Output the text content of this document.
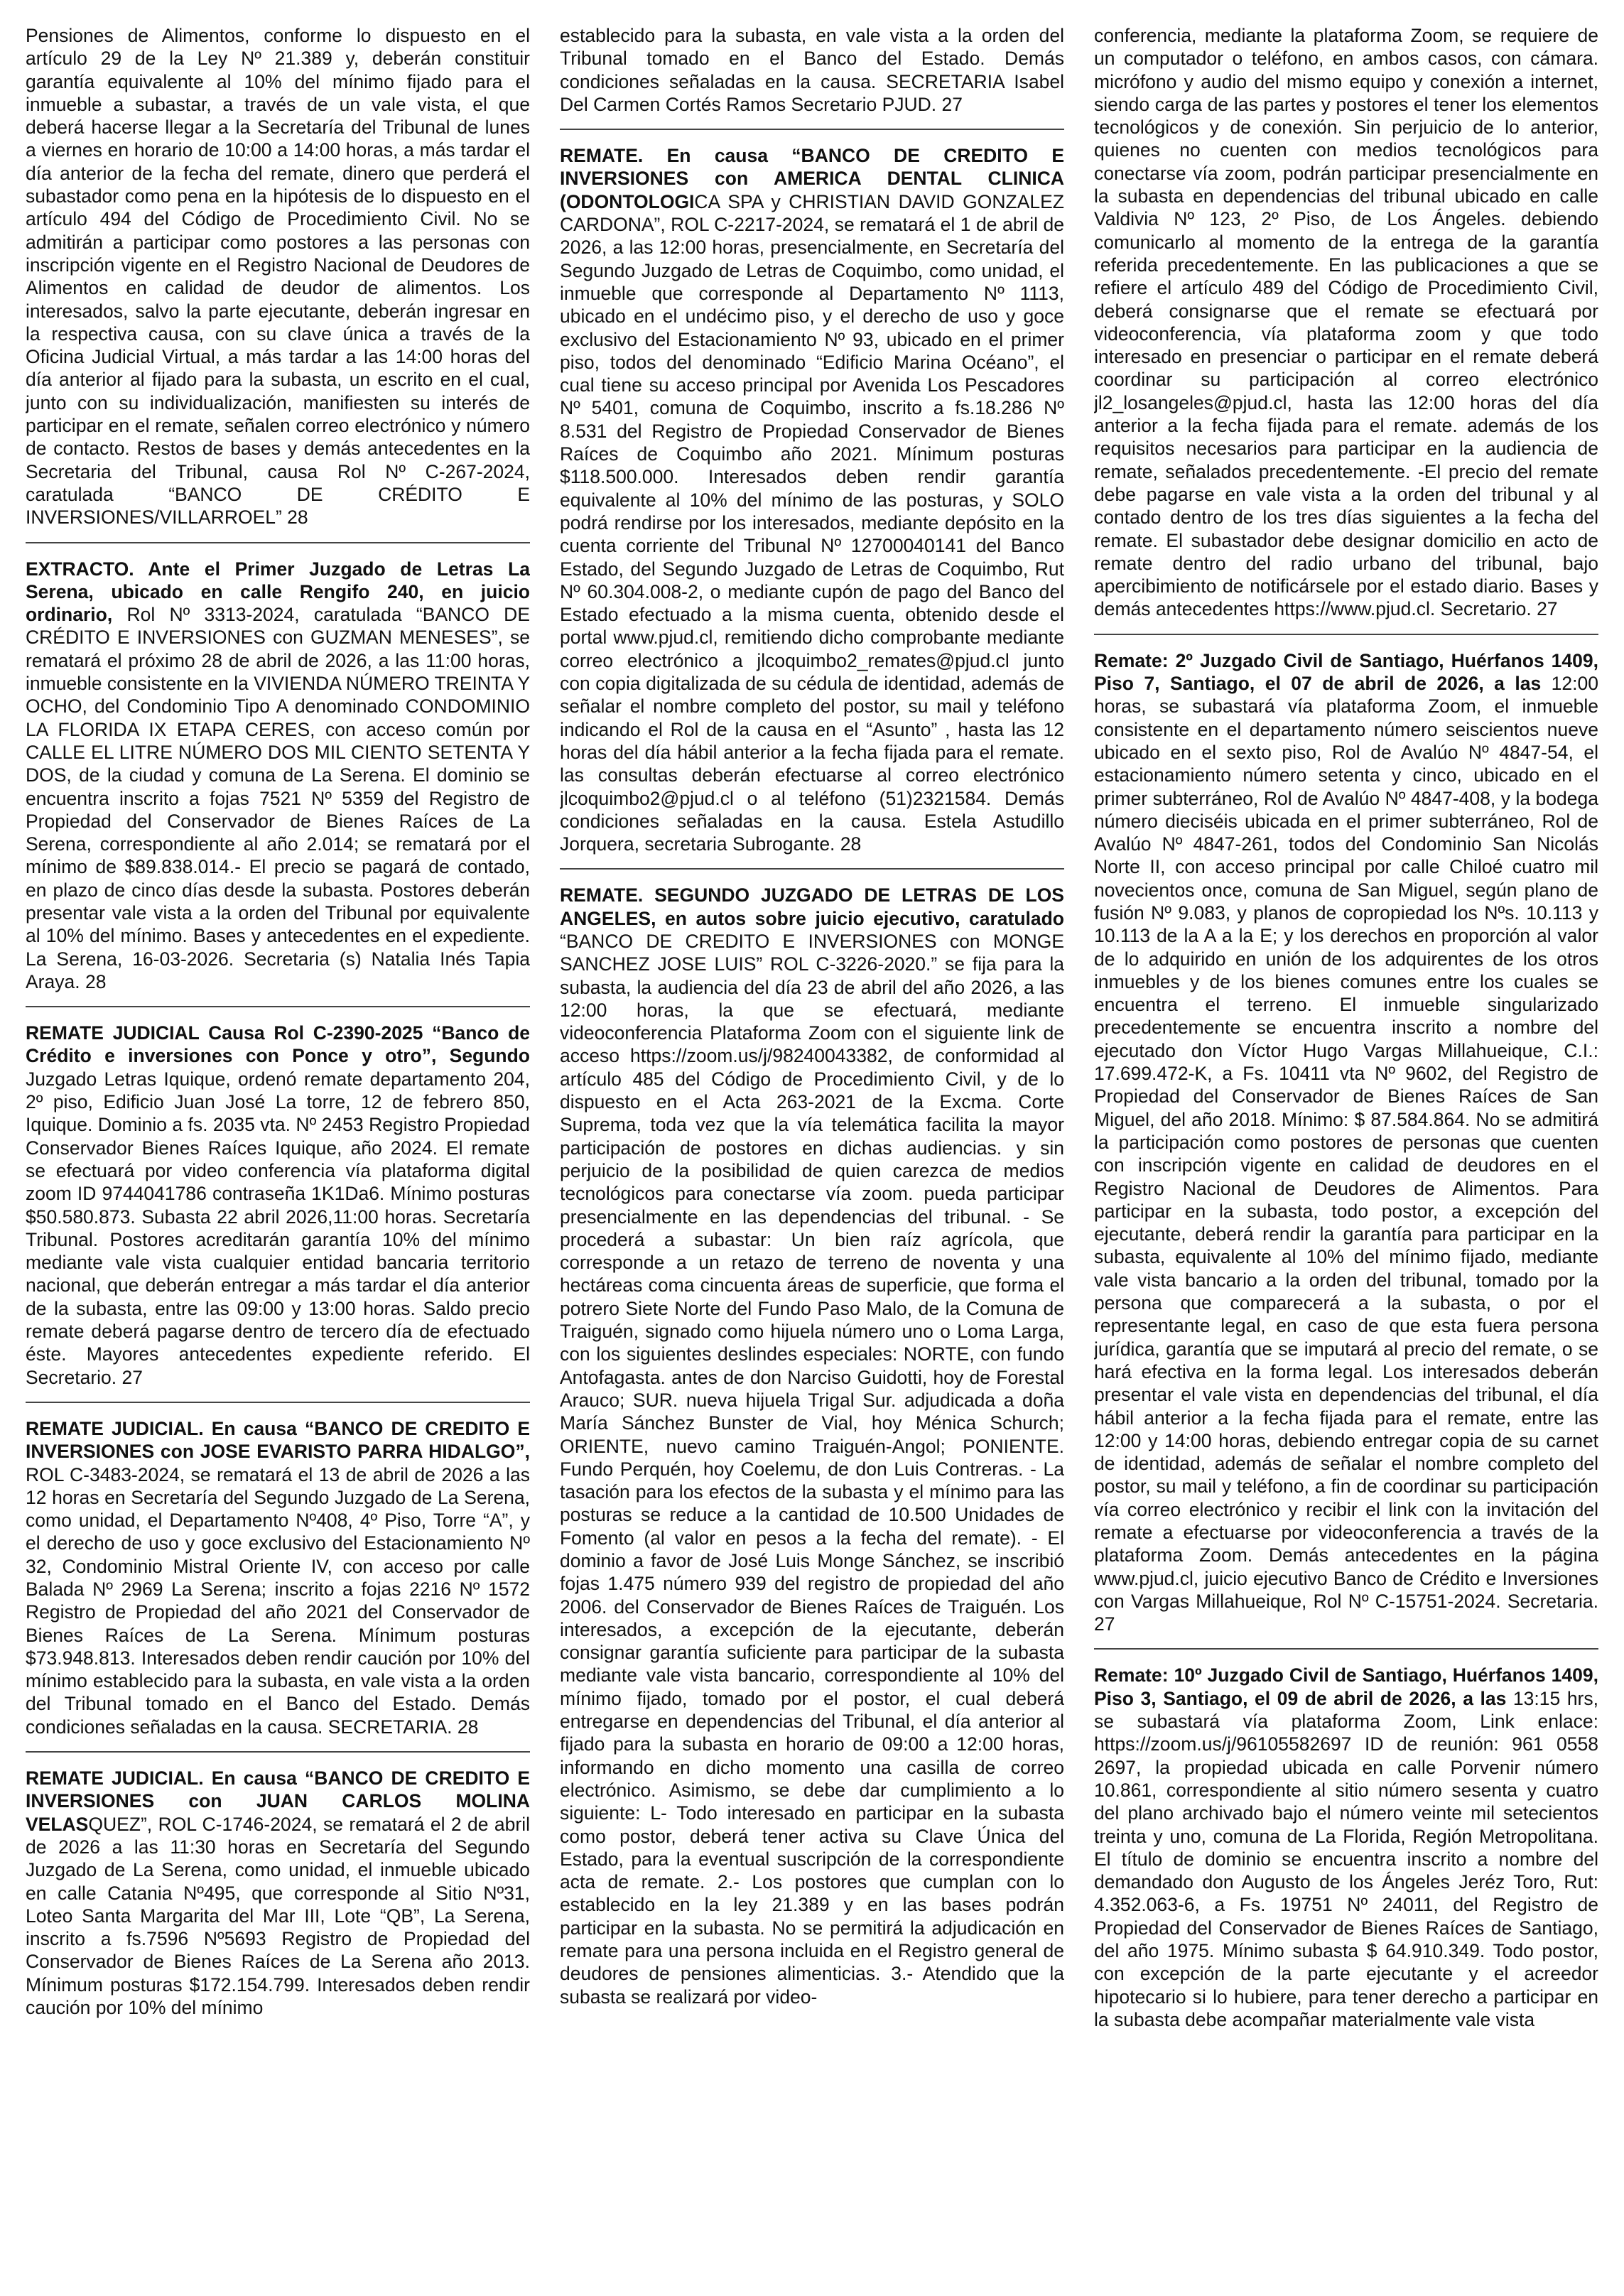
Pensiones de Alimentos, conforme lo dispuesto en el artículo 29 de la Ley Nº 21.389 y, deberán constituir garantía equivalente al 10% del mínimo fijado para el inmueble a subastar, a través de un vale vista, el que deberá hacerse llegar a la Secretaría del Tribunal de lunes a viernes en horario de 10:00 a 14:00 horas, a más tardar el día anterior de la fecha del remate, dinero que perderá el subastador como pena en la hipótesis de lo dispuesto en el artículo 494 del Código de Procedimiento Civil. No se admitirán a participar como postores a las personas con inscripción vigente en el Registro Nacional de Deudores de Alimentos en calidad de deudor de alimentos. Los interesados, salvo la parte ejecutante, deberán ingresar en la respectiva causa, con su clave única a través de la Oficina Judicial Virtual, a más tardar a las 14:00 horas del día anterior al fijado para la subasta, un escrito en el cual, junto con su individualización, manifiesten su interés de participar en el remate, señalen correo electrónico y número de contacto. Restos de bases y demás antecedentes en la Secretaria del Tribunal, causa Rol Nº C-267-2024, caratulada “BANCO DE CRÉDITO E INVERSIONES/VILLARROEL” 28

EXTRACTO. Ante el Primer Juzgado de Letras La Serena, ubicado en calle Rengifo 240, en juicio ordinario, Rol Nº 3313-2024, caratulada “BANCO DE CRÉDITO E INVERSIONES con GUZMAN MENESES”, se rematará el próximo 28 de abril de 2026, a las 11:00 horas, inmueble consistente en la VIVIENDA NÚMERO TREINTA Y OCHO, del Condominio Tipo A denominado CONDOMINIO LA FLORIDA IX ETAPA CERES, con acceso común por CALLE EL LITRE NÚMERO DOS MIL CIENTO SETENTA Y DOS, de la ciudad y comuna de La Serena. El dominio se encuentra inscrito a fojas 7521 Nº 5359 del Registro de Propiedad del Conservador de Bienes Raíces de La Serena, correspondiente al año 2.014; se rematará por el mínimo de $89.838.014.- El precio se pagará de contado, en plazo de cinco días desde la subasta. Postores deberán presentar vale vista a la orden del Tribunal por equivalente al 10% del mínimo. Bases y antecedentes en el expediente. La Serena, 16-03-2026. Secretaria (s) Natalia Inés Tapia Araya. 28

REMATE JUDICIAL Causa Rol C-2390-2025 “Banco de Crédito e inversiones con Ponce y otro”, Segundo Juzgado Letras Iquique, ordenó remate departamento 204, 2º piso, Edificio Juan José La torre, 12 de febrero 850, Iquique. Dominio a fs. 2035 vta. Nº 2453 Registro Propiedad Conservador Bienes Raíces Iquique, año 2024. El remate se efectuará por video conferencia vía plataforma digital zoom ID 9744041786 contraseña 1K1Da6. Mínimo posturas $50.580.873. Subasta 22 abril 2026,11:00 horas. Secretaría Tribunal. Postores acreditarán garantía 10% del mínimo mediante vale vista cualquier entidad bancaria territorio nacional, que deberán entregar a más tardar el día anterior de la subasta, entre las 09:00 y 13:00 horas. Saldo precio remate deberá pagarse dentro de tercero día de efectuado éste. Mayores antecedentes expediente referido. El Secretario. 27

REMATE JUDICIAL. En causa “BANCO DE CREDITO E INVERSIONES con JOSE EVARISTO PARRA HIDALGO”, ROL C-3483-2024, se rematará el 13 de abril de 2026 a las 12 horas en Secretaría del Segundo Juzgado de La Serena, como unidad, el Departamento Nº408, 4º Piso, Torre “A”, y el derecho de uso y goce exclusivo del Estacionamiento Nº 32, Condominio Mistral Oriente IV, con acceso por calle Balada Nº 2969 La Serena; inscrito a fojas 2216 Nº 1572 Registro de Propiedad del año 2021 del Conservador de Bienes Raíces de La Serena. Mínimum posturas $73.948.813. Interesados deben rendir caución por 10% del mínimo establecido para la subasta, en vale vista a la orden del Tribunal tomado en el Banco del Estado. Demás condiciones señaladas en la causa. SECRETARIA. 28

REMATE JUDICIAL. En causa “BANCO DE CREDITO E INVERSIONES con JUAN CARLOS MOLINA VELASQUEZ”, ROL C-1746-2024, se rematará el 2 de abril de 2026 a las 11:30 horas en Secretaría del Segundo Juzgado de La Serena, como unidad, el inmueble ubicado en calle Catania Nº495, que corresponde al Sitio Nº31, Loteo Santa Margarita del Mar III, Lote “QB”, La Serena, inscrito a fs.7596 Nº5693 Registro de Propiedad del Conservador de Bienes Raíces de La Serena año 2013. Mínimum posturas $172.154.799. Interesados deben rendir caución por 10% del mínimo

establecido para la subasta, en vale vista a la orden del Tribunal tomado en el Banco del Estado. Demás condiciones señaladas en la causa. SECRETARIA Isabel Del Carmen Cortés Ramos Secretario PJUD. 27

REMATE. En causa “BANCO DE CREDITO E INVERSIONES con AMERICA DENTAL CLINICA (ODONTOLOGICA SPA y CHRISTIAN DAVID GONZALEZ CARDONA”, ROL C-2217-2024, se rematará el 1 de abril de 2026, a las 12:00 horas, presencialmente, en Secretaría del Segundo Juzgado de Letras de Coquimbo, como unidad, el inmueble que corresponde al Departamento Nº 1113, ubicado en el undécimo piso, y el derecho de uso y goce exclusivo del Estacionamiento Nº 93, ubicado en el primer piso, todos del denominado “Edificio Marina Océano”, el cual tiene su acceso principal por Avenida Los Pescadores Nº 5401, comuna de Coquimbo, inscrito a fs.18.286 Nº 8.531 del Registro de Propiedad Conservador de Bienes Raíces de Coquimbo año 2021. Mínimum posturas $118.500.000. Interesados deben rendir garantía equivalente al 10% del mínimo de las posturas, y SOLO podrá rendirse por los interesados, mediante depósito en la cuenta corriente del Tribunal Nº 12700040141 del Banco Estado, del Segundo Juzgado de Letras de Coquimbo, Rut Nº 60.304.008-2, o mediante cupón de pago del Banco del Estado efectuado a la misma cuenta, obtenido desde el portal www.pjud.cl, remitiendo dicho comprobante mediante correo electrónico a jlcoquimbo2_remates@pjud.cl junto con copia digitalizada de su cédula de identidad, además de señalar el nombre completo del postor, su mail y teléfono indicando el Rol de la causa en el “Asunto” , hasta las 12 horas del día hábil anterior a la fecha fijada para el remate. las consultas deberán efectuarse al correo electrónico jlcoquimbo2@pjud.cl o al teléfono (51)2321584. Demás condiciones señaladas en la causa. Estela Astudillo Jorquera, secretaria Subrogante. 28

REMATE. SEGUNDO JUZGADO DE LETRAS DE LOS ANGELES, en autos sobre juicio ejecutivo, caratulado “BANCO DE CREDITO E INVERSIONES con MONGE SANCHEZ JOSE LUIS” ROL C-3226-2020.” se fija para la subasta, la audiencia del día 23 de abril del año 2026, a las 12:00 horas, la que se efectuará, mediante videoconferencia Plataforma Zoom con el siguiente link de acceso https://zoom.us/j/98240043382, de conformidad al artículo 485 del Código de Procedimiento Civil, y de lo dispuesto en el Acta 263-2021 de la Excma. Corte Suprema, toda vez que la vía telemática facilita la mayor participación de postores en dichas audiencias. y sin perjuicio de la posibilidad de quien carezca de medios tecnológicos para conectarse vía zoom. pueda participar presencialmente en las dependencias del tribunal. - Se procederá a subastar: Un bien raíz agrícola, que corresponde a un retazo de terreno de noventa y una hectáreas coma cincuenta áreas de superficie, que forma el potrero Siete Norte del Fundo Paso Malo, de la Comuna de Traiguén, signado como hijuela número uno o Loma Larga, con los siguientes deslindes especiales: NORTE, con fundo Antofagasta. antes de don Narciso Guidotti, hoy de Forestal Arauco; SUR. nueva hijuela Trigal Sur. adjudicada a doña María Sánchez Bunster de Vial, hoy Ménica Schurch; ORIENTE, nuevo camino Traiguén-Angol; PONIENTE. Fundo Perquén, hoy Coelemu, de don Luis Contreras. - La tasación para los efectos de la subasta y el mínimo para las posturas se reduce a la cantidad de 10.500 Unidades de Fomento (al valor en pesos a la fecha del remate). - El dominio a favor de José Luis Monge Sánchez, se inscribió fojas 1.475 número 939 del registro de propiedad del año 2006. del Conservador de Bienes Raíces de Traiguén. Los interesados, a excepción de la ejecutante, deberán consignar garantía suficiente para participar de la subasta mediante vale vista bancario, correspondiente al 10% del mínimo fijado, tomado por el postor, el cual deberá entregarse en dependencias del Tribunal, el día anterior al fijado para la subasta en horario de 09:00 a 12:00 horas, informando en dicho momento una casilla de correo electrónico. Asimismo, se debe dar cumplimiento a lo siguiente: L- Todo interesado en participar en la subasta como postor, deberá tener activa su Clave Única del Estado, para la eventual suscripción de la correspondiente acta de remate. 2.- Los postores que cumplan con lo establecido en la ley 21.389 y en las bases podrán participar en la subasta. No se permitirá la adjudicación en remate para una persona incluida en el Registro general de deudores de pensiones alimenticias. 3.- Atendido que la subasta se realizará por video-

conferencia, mediante la plataforma Zoom, se requiere de un computador o teléfono, en ambos casos, con cámara. micrófono y audio del mismo equipo y conexión a internet, siendo carga de las partes y postores el tener los elementos tecnológicos y de conexión. Sin perjuicio de lo anterior, quienes no cuenten con medios tecnológicos para conectarse vía zoom, podrán participar presencialmente en la subasta en dependencias del tribunal ubicado en calle Valdivia Nº 123, 2º Piso, de Los Ángeles. debiendo comunicarlo al momento de la entrega de la garantía referida precedentemente. En las publicaciones a que se refiere el artículo 489 del Código de Procedimiento Civil, deberá consignarse que el remate se efectuará por videoconferencia, vía plataforma zoom y que todo interesado en presenciar o participar en el remate deberá coordinar su participación al correo electrónico jl2_losangeles@pjud.cl, hasta las 12:00 horas del día anterior a la fecha fijada para el remate. además de los requisitos necesarios para participar en la audiencia de remate, señalados precedentemente. -El precio del remate debe pagarse en vale vista a la orden del tribunal y al contado dentro de los tres días siguientes a la fecha del remate. El subastador debe designar domicilio en acto de remate dentro del radio urbano del tribunal, bajo apercibimiento de notificársele por el estado diario. Bases y demás antecedentes https://www.pjud.cl. Secretario. 27

Remate: 2º Juzgado Civil de Santiago, Huérfanos 1409, Piso 7, Santiago, el 07 de abril de 2026, a las 12:00 horas, se subastará vía plataforma Zoom, el inmueble consistente en el departamento número seiscientos nueve ubicado en el sexto piso, Rol de Avalúo Nº 4847-54, el estacionamiento número setenta y cinco, ubicado en el primer subterráneo, Rol de Avalúo Nº 4847-408, y la bodega número dieciséis ubicada en el primer subterráneo, Rol de Avalúo Nº 4847-261, todos del Condominio San Nicolás Norte II, con acceso principal por calle Chiloé cuatro mil novecientos once, comuna de San Miguel, según plano de fusión Nº 9.083, y planos de copropiedad los Nºs. 10.113 y 10.113 de la A a la E; y los derechos en proporción al valor de lo adquirido en unión de los adquirentes de los otros inmuebles y de los bienes comunes entre los cuales se encuentra el terreno. El inmueble singularizado precedentemente se encuentra inscrito a nombre del ejecutado don Víctor Hugo Vargas Millahueique, C.I.: 17.699.472-K, a Fs. 10411 vta Nº 9602, del Registro de Propiedad del Conservador de Bienes Raíces de San Miguel, del año 2018. Mínimo: $ 87.584.864. No se admitirá la participación como postores de personas que cuenten con inscripción vigente en calidad de deudores en el Registro Nacional de Deudores de Alimentos. Para participar en la subasta, todo postor, a excepción del ejecutante, deberá rendir la garantía para participar en la subasta, equivalente al 10% del mínimo fijado, mediante vale vista bancario a la orden del tribunal, tomado por la persona que comparecerá a la subasta, o por el representante legal, en caso de que esta fuera persona jurídica, garantía que se imputará al precio del remate, o se hará efectiva en la forma legal. Los interesados deberán presentar el vale vista en dependencias del tribunal, el día hábil anterior a la fecha fijada para el remate, entre las 12:00 y 14:00 horas, debiendo entregar copia de su carnet de identidad, además de señalar el nombre completo del postor, su mail y teléfono, a fin de coordinar su participación vía correo electrónico y recibir el link con la invitación del remate a efectuarse por videoconferencia a través de la plataforma Zoom. Demás antecedentes en la página www.pjud.cl, juicio ejecutivo Banco de Crédito e Inversiones con Vargas Millahueique, Rol Nº C-15751-2024. Secretaria. 27

Remate: 10º Juzgado Civil de Santiago, Huérfanos 1409, Piso 3, Santiago, el 09 de abril de 2026, a las 13:15 hrs, se subastará vía plataforma Zoom, Link enlace: https://zoom.us/j/96105582697 ID de reunión: 961 0558 2697, la propiedad ubicada en calle Porvenir número 10.861, correspondiente al sitio número sesenta y cuatro del plano archivado bajo el número veinte mil setecientos treinta y uno, comuna de La Florida, Región Metropolitana. El título de dominio se encuentra inscrito a nombre del demandado don Augusto de los Ángeles Jeréz Toro, Rut: 4.352.063-6, a Fs. 19751 Nº 24011, del Registro de Propiedad del Conservador de Bienes Raíces de Santiago, del año 1975. Mínimo subasta $ 64.910.349. Todo postor, con excepción de la parte ejecutante y el acreedor hipotecario si lo hubiere, para tener derecho a participar en la subasta debe acompañar materialmente vale vista
